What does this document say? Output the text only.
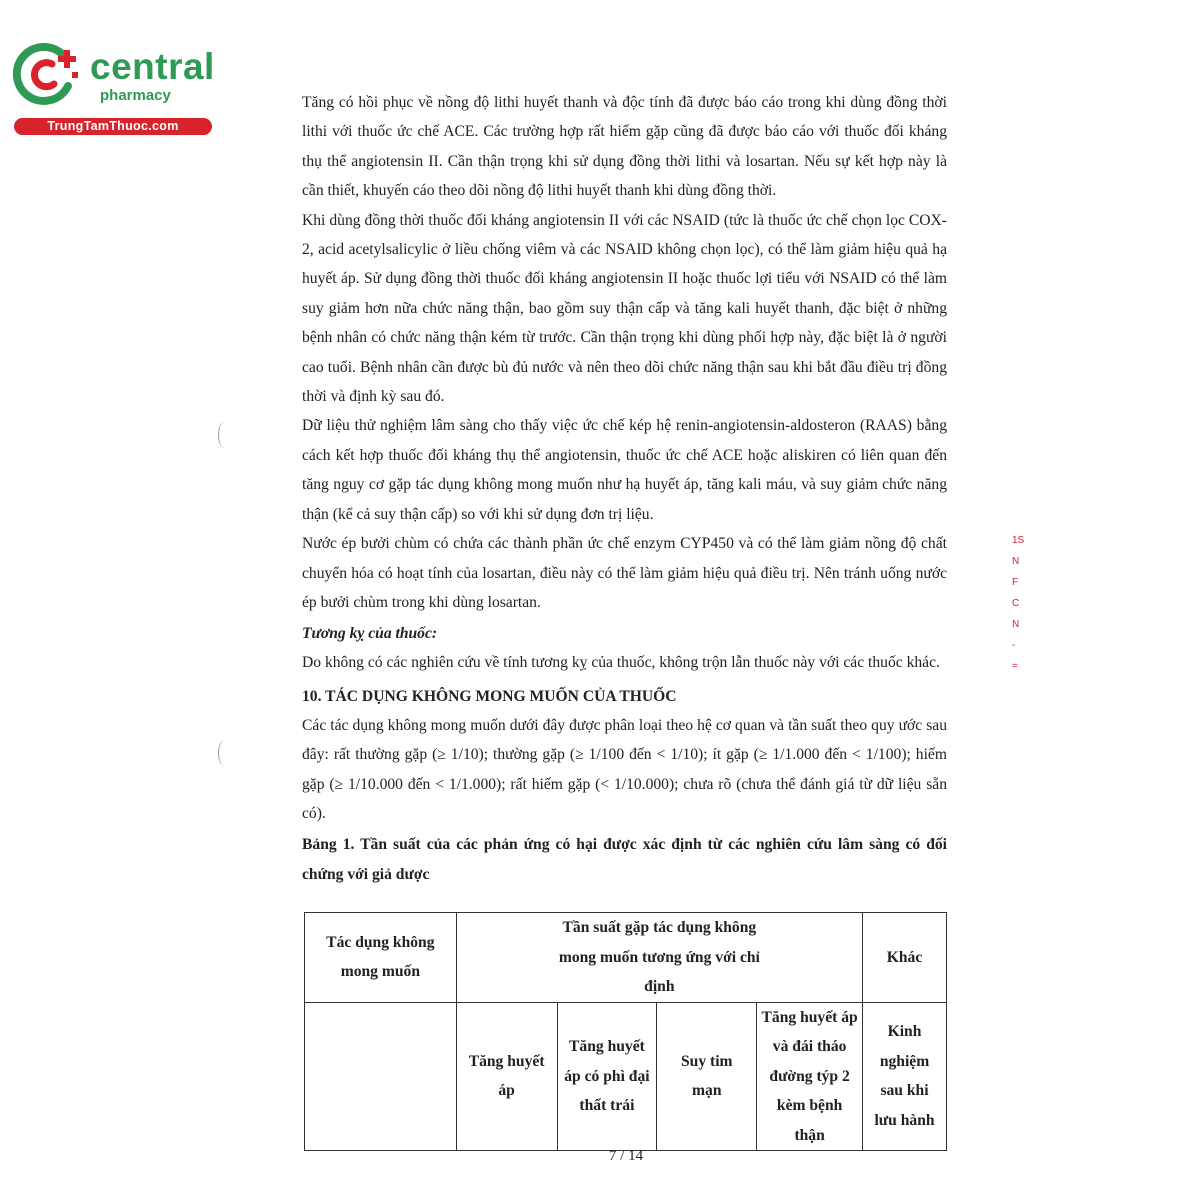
central
pharmacy
TrungTamThuoc.com
1S
N
F
C
N
-
=

Tăng có hồi phục về nồng độ lithi huyết thanh và độc tính đã được báo cáo trong khi dùng đồng thời lithi với thuốc ức chế ACE. Các trường hợp rất hiếm gặp cũng đã được báo cáo với thuốc đối kháng thụ thể angiotensin II. Cần thận trọng khi sử dụng đồng thời lithi và losartan. Nếu sự kết hợp này là cần thiết, khuyến cáo theo dõi nồng độ lithi huyết thanh khi dùng đồng thời.

Khi dùng đồng thời thuốc đối kháng angiotensin II với các NSAID (tức là thuốc ức chế chọn lọc COX-2, acid acetylsalicylic ở liều chống viêm và các NSAID không chọn lọc), có thể làm giảm hiệu quả hạ huyết áp. Sử dụng đồng thời thuốc đối kháng angiotensin II hoặc thuốc lợi tiểu với NSAID có thể làm suy giảm hơn nữa chức năng thận, bao gồm suy thận cấp và tăng kali huyết thanh, đặc biệt ở những bệnh nhân có chức năng thận kém từ trước. Cần thận trọng khi dùng phối hợp này, đặc biệt là ở người cao tuổi. Bệnh nhân cần được bù đủ nước và nên theo dõi chức năng thận sau khi bắt đầu điều trị đồng thời và định kỳ sau đó.

Dữ liệu thử nghiệm lâm sàng cho thấy việc ức chế kép hệ renin-angiotensin-aldosteron (RAAS) bằng cách kết hợp thuốc đối kháng thụ thể angiotensin, thuốc ức chế ACE hoặc aliskiren có liên quan đến tăng nguy cơ gặp tác dụng không mong muốn như hạ huyết áp, tăng kali máu, và suy giảm chức năng thận (kể cả suy thận cấp) so với khi sử dụng đơn trị liệu.

Nước ép bưởi chùm có chứa các thành phần ức chế enzym CYP450 và có thể làm giảm nồng độ chất chuyển hóa có hoạt tính của losartan, điều này có thể làm giảm hiệu quả điều trị. Nên tránh uống nước ép bưởi chùm trong khi dùng losartan.

Tương kỵ của thuốc:

Do không có các nghiên cứu về tính tương kỵ của thuốc, không trộn lẫn thuốc này với các thuốc khác.

10. TÁC DỤNG KHÔNG MONG MUỐN CỦA THUỐC

Các tác dụng không mong muốn dưới đây được phân loại theo hệ cơ quan và tần suất theo quy ước sau đây: rất thường gặp (≥ 1/10); thường gặp (≥ 1/100 đến < 1/10); ít gặp (≥ 1/1.000 đến < 1/100); hiếm gặp (≥ 1/10.000 đến < 1/1.000); rất hiếm gặp (< 1/10.000); chưa rõ (chưa thể đánh giá từ dữ liệu sẵn có).

Bảng 1. Tần suất của các phản ứng có hại được xác định từ các nghiên cứu lâm sàng có đối chứng với giả dược

Tác dụng không mong muốn	Tần suất gặp tác dụng không mong muốn tương ứng với chỉ định				Khác
	Tăng huyết áp	Tăng huyết áp có phì đại thất trái	Suy tim mạn	Tăng huyết áp và đái tháo đường týp 2 kèm bệnh thận	Kinh nghiệm sau khi lưu hành
7 / 14
